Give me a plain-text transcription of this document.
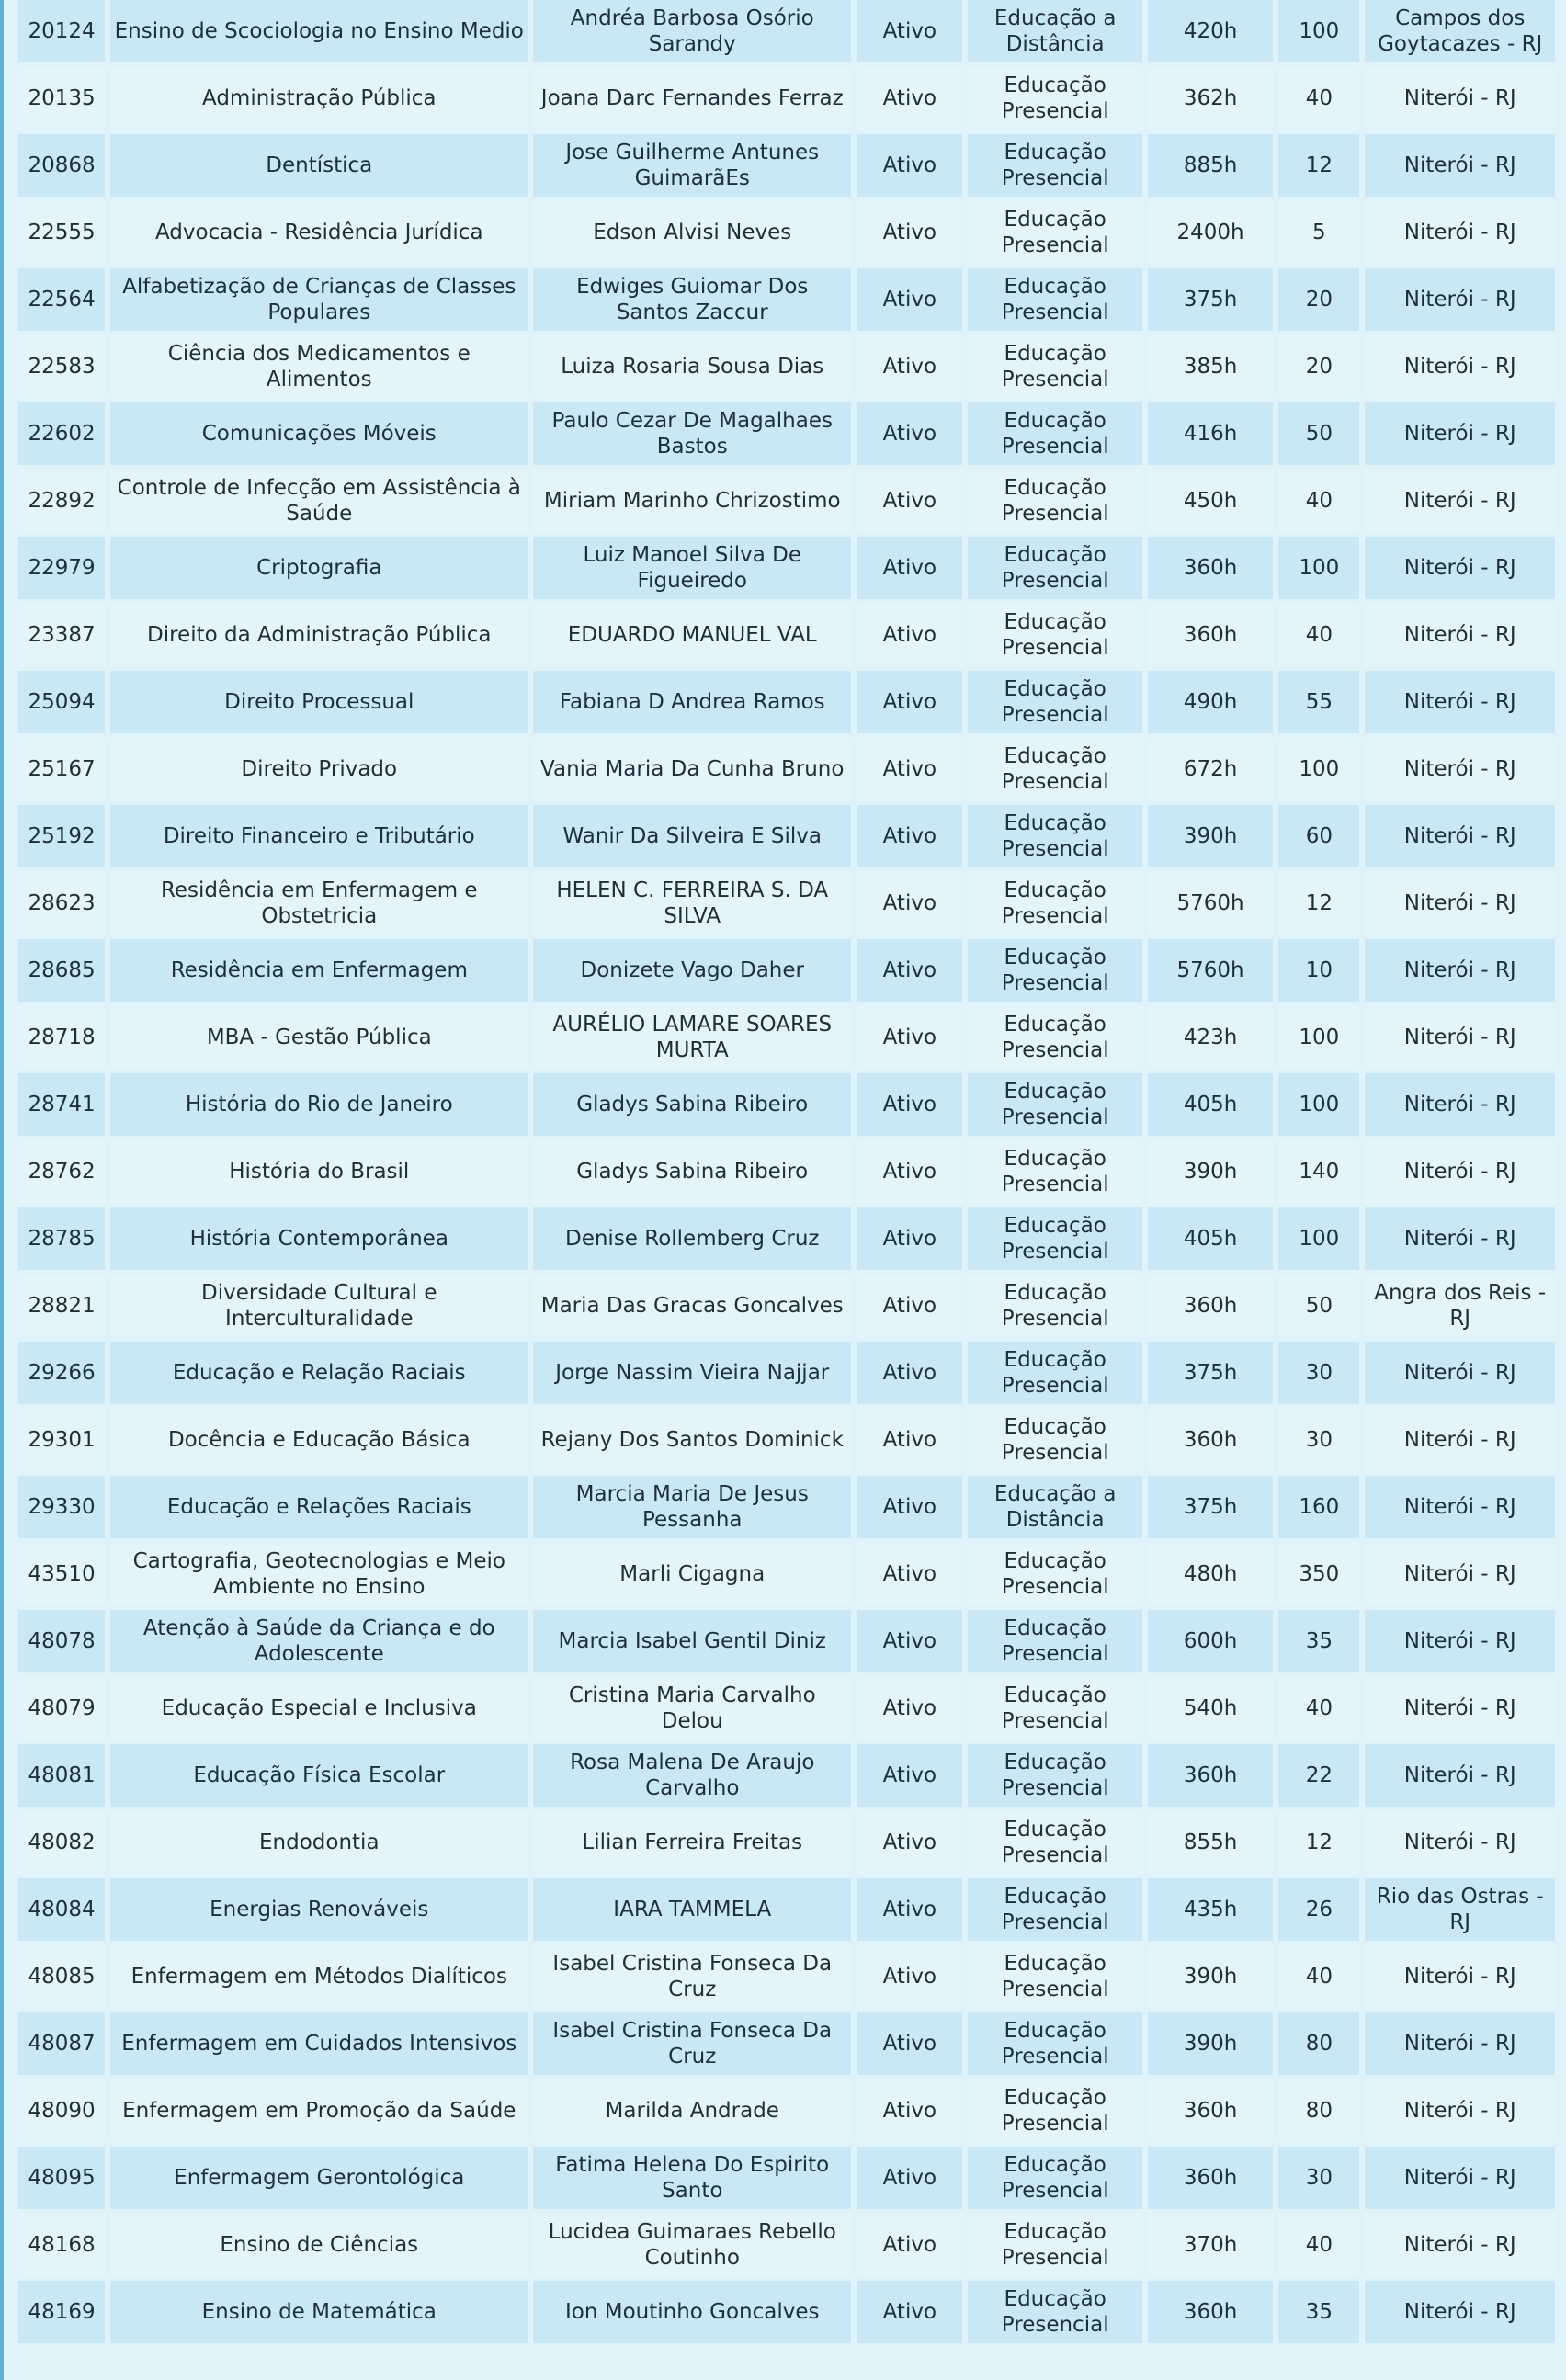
20124	Ensino de Scociologia no Ensino Medio	Andréa Barbosa Osório Sarandy	Ativo	Educação a Distância	420h	100	Campos dos Goytacazes - RJ
20135	Administração Pública	Joana Darc Fernandes Ferraz	Ativo	Educação Presencial	362h	40	Niterói - RJ
20868	Dentística	Jose Guilherme Antunes GuimarãEs	Ativo	Educação Presencial	885h	12	Niterói - RJ
22555	Advocacia - Residência Jurídica	Edson Alvisi Neves	Ativo	Educação Presencial	2400h	5	Niterói - RJ
22564	Alfabetização de Crianças de Classes Populares	Edwiges Guiomar Dos Santos Zaccur	Ativo	Educação Presencial	375h	20	Niterói - RJ
22583	Ciência dos Medicamentos e Alimentos	Luiza Rosaria Sousa Dias	Ativo	Educação Presencial	385h	20	Niterói - RJ
22602	Comunicações Móveis	Paulo Cezar De Magalhaes Bastos	Ativo	Educação Presencial	416h	50	Niterói - RJ
22892	Controle de Infecção em Assistência à Saúde	Miriam Marinho Chrizostimo	Ativo	Educação Presencial	450h	40	Niterói - RJ
22979	Criptografia	Luiz Manoel Silva De Figueiredo	Ativo	Educação Presencial	360h	100	Niterói - RJ
23387	Direito da Administração Pública	EDUARDO MANUEL VAL	Ativo	Educação Presencial	360h	40	Niterói - RJ
25094	Direito Processual	Fabiana D Andrea Ramos	Ativo	Educação Presencial	490h	55	Niterói - RJ
25167	Direito Privado	Vania Maria Da Cunha Bruno	Ativo	Educação Presencial	672h	100	Niterói - RJ
25192	Direito Financeiro e Tributário	Wanir Da Silveira E Silva	Ativo	Educação Presencial	390h	60	Niterói - RJ
28623	Residência em Enfermagem e Obstetricia	HELEN C. FERREIRA S. DA SILVA	Ativo	Educação Presencial	5760h	12	Niterói - RJ
28685	Residência em Enfermagem	Donizete Vago Daher	Ativo	Educação Presencial	5760h	10	Niterói - RJ
28718	MBA - Gestão Pública	AURÉLIO LAMARE SOARES MURTA	Ativo	Educação Presencial	423h	100	Niterói - RJ
28741	História do Rio de Janeiro	Gladys Sabina Ribeiro	Ativo	Educação Presencial	405h	100	Niterói - RJ
28762	História do Brasil	Gladys Sabina Ribeiro	Ativo	Educação Presencial	390h	140	Niterói - RJ
28785	História Contemporânea	Denise Rollemberg Cruz	Ativo	Educação Presencial	405h	100	Niterói - RJ
28821	Diversidade Cultural e Interculturalidade	Maria Das Gracas Goncalves	Ativo	Educação Presencial	360h	50	Angra dos Reis - RJ
29266	Educação e Relação Raciais	Jorge Nassim Vieira Najjar	Ativo	Educação Presencial	375h	30	Niterói - RJ
29301	Docência e Educação Básica	Rejany Dos Santos Dominick	Ativo	Educação Presencial	360h	30	Niterói - RJ
29330	Educação e Relações Raciais	Marcia Maria De Jesus Pessanha	Ativo	Educação a Distância	375h	160	Niterói - RJ
43510	Cartografia, Geotecnologias e Meio Ambiente no Ensino	Marli Cigagna	Ativo	Educação Presencial	480h	350	Niterói - RJ
48078	Atenção à Saúde da Criança e do Adolescente	Marcia Isabel Gentil Diniz	Ativo	Educação Presencial	600h	35	Niterói - RJ
48079	Educação Especial e Inclusiva	Cristina Maria Carvalho Delou	Ativo	Educação Presencial	540h	40	Niterói - RJ
48081	Educação Física Escolar	Rosa Malena De Araujo Carvalho	Ativo	Educação Presencial	360h	22	Niterói - RJ
48082	Endodontia	Lilian Ferreira Freitas	Ativo	Educação Presencial	855h	12	Niterói - RJ
48084	Energias Renováveis	IARA TAMMELA	Ativo	Educação Presencial	435h	26	Rio das Ostras - RJ
48085	Enfermagem em Métodos Dialíticos	Isabel Cristina Fonseca Da Cruz	Ativo	Educação Presencial	390h	40	Niterói - RJ
48087	Enfermagem em Cuidados Intensivos	Isabel Cristina Fonseca Da Cruz	Ativo	Educação Presencial	390h	80	Niterói - RJ
48090	Enfermagem em Promoção da Saúde	Marilda Andrade	Ativo	Educação Presencial	360h	80	Niterói - RJ
48095	Enfermagem Gerontológica	Fatima Helena Do Espirito Santo	Ativo	Educação Presencial	360h	30	Niterói - RJ
48168	Ensino de Ciências	Lucidea Guimaraes Rebello Coutinho	Ativo	Educação Presencial	370h	40	Niterói - RJ
48169	Ensino de Matemática	Ion Moutinho Goncalves	Ativo	Educação Presencial	360h	35	Niterói - RJ
